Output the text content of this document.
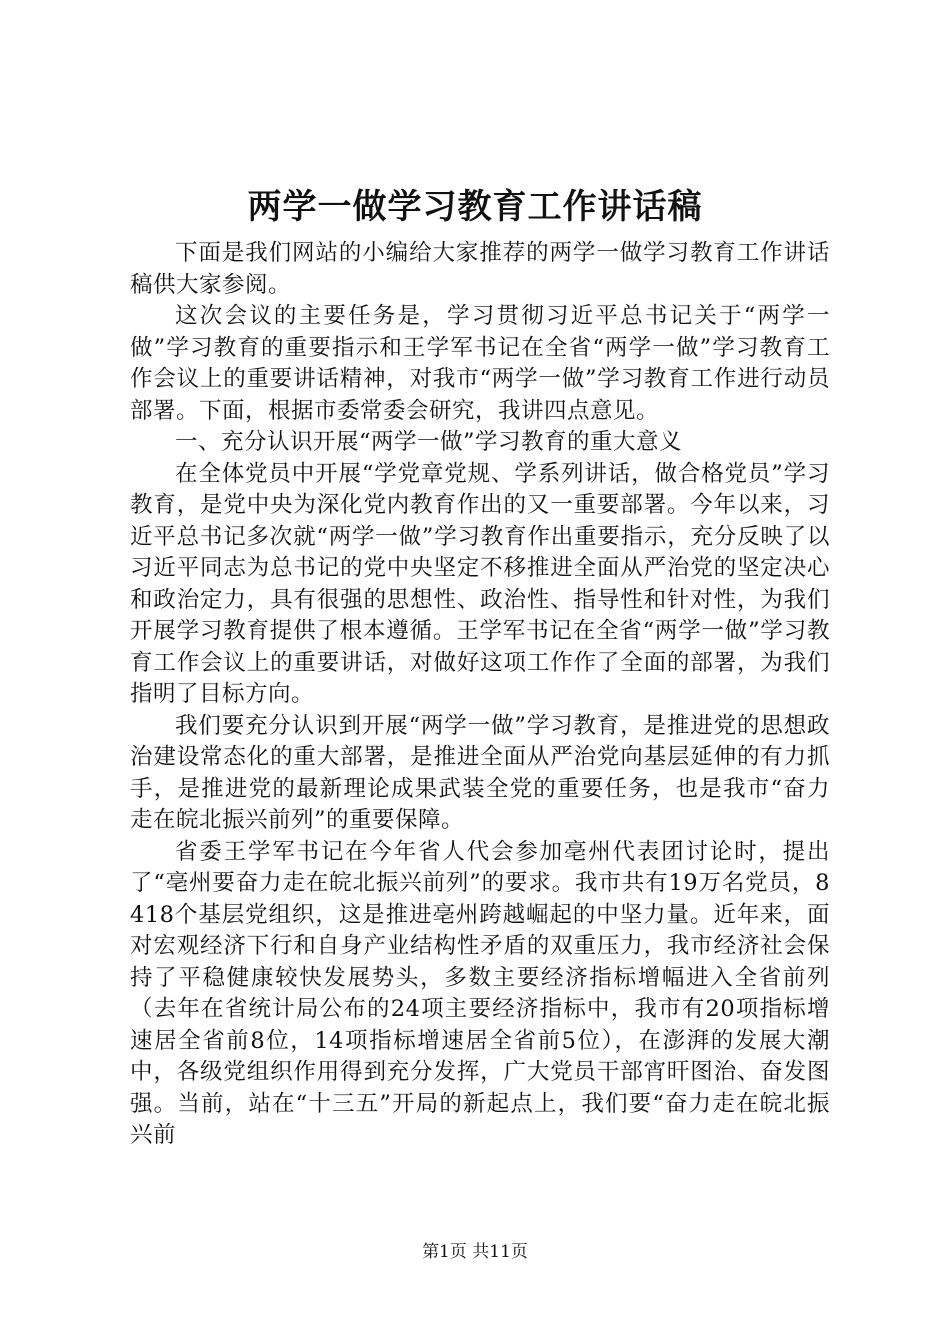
两学一做学习教育工作讲话稿

下面是我们网站的小编给大家推荐的两学一做学习教育工作讲话稿供大家参阅。

这次会议的主要任务是，学习贯彻习近平总书记关于“两学一做”学习教育的重要指示和王学军书记在全省“两学一做”学习教育工作会议上的重要讲话精神，对我市“两学一做”学习教育工作进行动员部署。下面，根据市委常委会研究，我讲四点意见。

一、充分认识开展“两学一做”学习教育的重大意义

在全体党员中开展“学党章党规、学系列讲话，做合格党员”学习教育，是党中央为深化党内教育作出的又一重要部署。今年以来，习近平总书记多次就“两学一做”学习教育作出重要指示，充分反映了以习近平同志为总书记的党中央坚定不移推进全面从严治党的坚定决心和政治定力，具有很强的思想性、政治性、指导性和针对性，为我们开展学习教育提供了根本遵循。王学军书记在全省“两学一做”学习教育工作会议上的重要讲话，对做好这项工作作了全面的部署，为我们指明了目标方向。

我们要充分认识到开展“两学一做”学习教育，是推进党的思想政治建设常态化的重大部署，是推进全面从严治党向基层延伸的有力抓手，是推进党的最新理论成果武装全党的重要任务，也是我市“奋力走在皖北振兴前列”的重要保障。

省委王学军书记在今年省人代会参加亳州代表团讨论时，提出了“亳州要奋力走在皖北振兴前列”的要求。我市共有19万名党员，8418个基层党组织，这是推进亳州跨越崛起的中坚力量。近年来，面对宏观经济下行和自身产业结构性矛盾的双重压力，我市经济社会保持了平稳健康较快发展势头，多数主要经济指标增幅进入全省前列（去年在省统计局公布的24项主要经济指标中，我市有20项指标增速居全省前8位，14项指标增速居全省前5位），在澎湃的发展大潮中，各级党组织作用得到充分发挥，广大党员干部宵旰图治、奋发图强。当前，站在“十三五”开局的新起点上，我们要“奋力走在皖北振兴前

第1页 共11页
